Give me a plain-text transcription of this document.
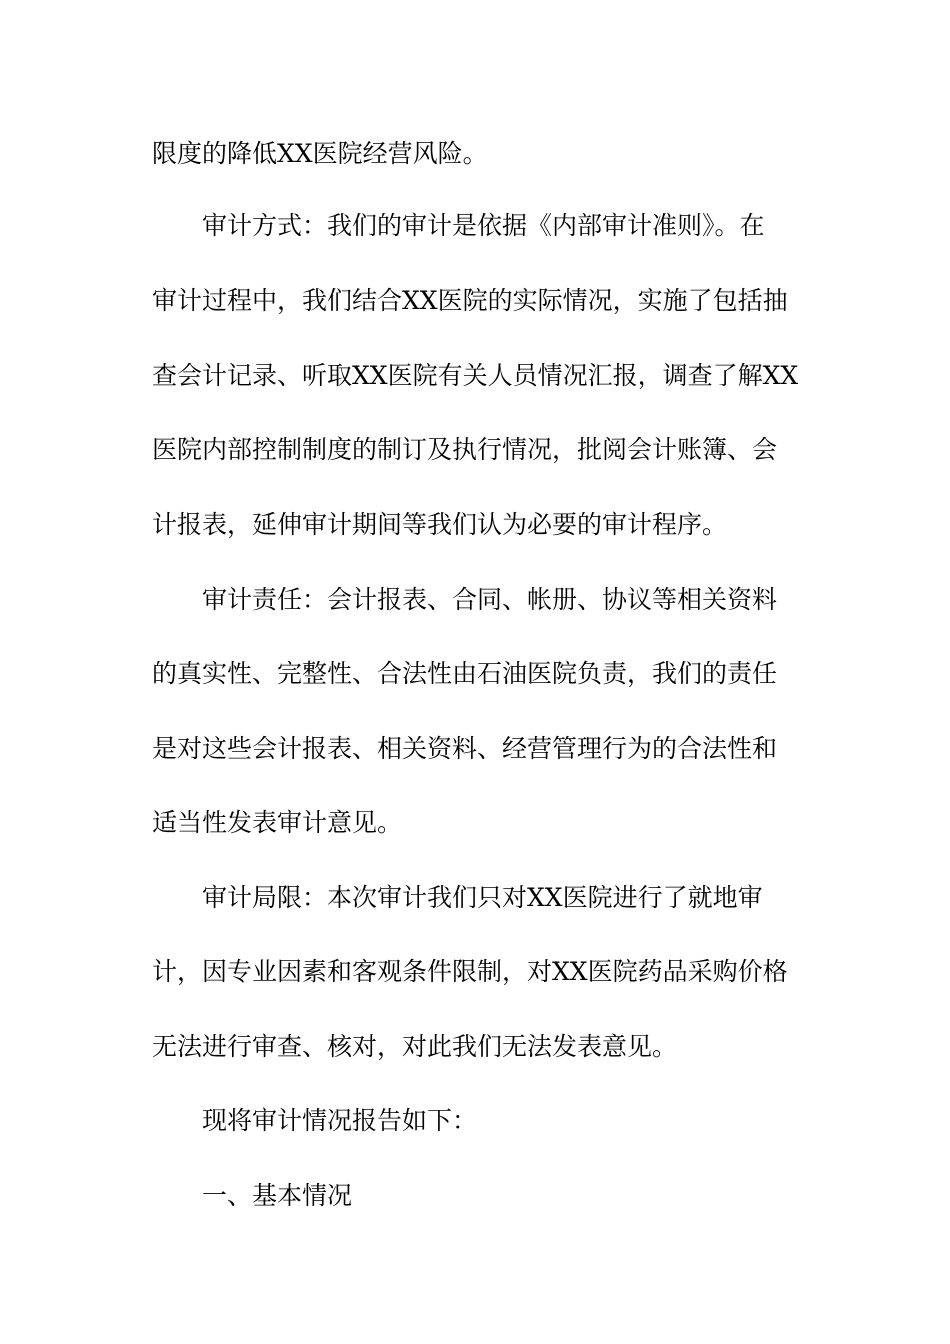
限度的降低XX医院经营风险。
审计方式：我们的审计是依据《内部审计准则》。在
审计过程中，我们结合XX医院的实际情况，实施了包括抽
查会计记录、听取XX医院有关人员情况汇报，调查了解XX
医院内部控制制度的制订及执行情况，批阅会计账簿、会
计报表，延伸审计期间等我们认为必要的审计程序。
审计责任：会计报表、合同、帐册、协议等相关资料
的真实性、完整性、合法性由石油医院负责，我们的责任
是对这些会计报表、相关资料、经营管理行为的合法性和
适当性发表审计意见。
审计局限：本次审计我们只对XX医院进行了就地审
计，因专业因素和客观条件限制，对XX医院药品采购价格
无法进行审查、核对，对此我们无法发表意见。
现将审计情况报告如下：
一、基本情况
